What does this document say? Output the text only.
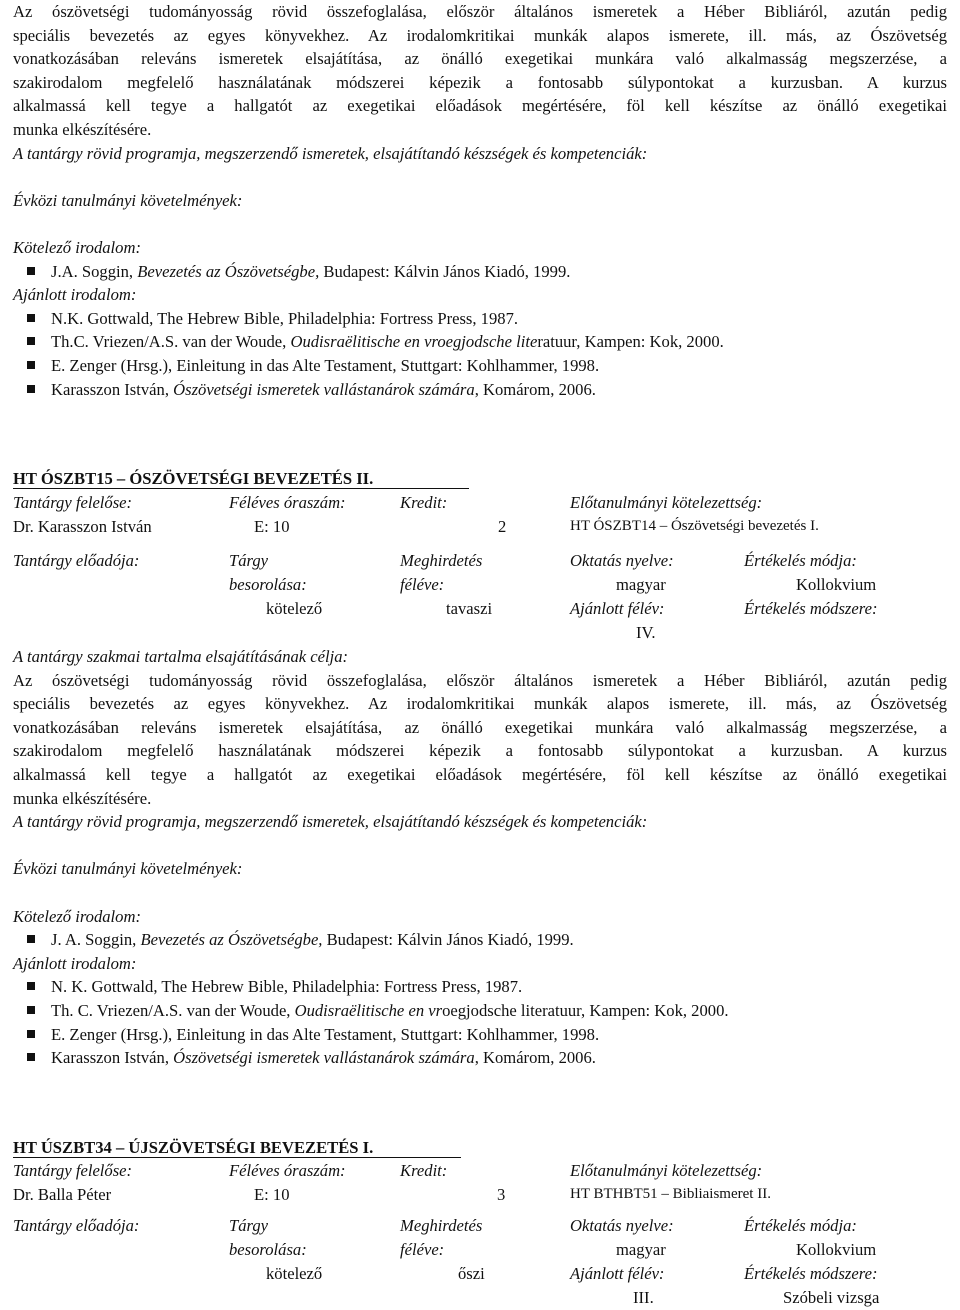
Az ószövetségi tudományosság rövid összefoglalása, először általános ismeretek a Héber Bibliáról, azután pedig
speciális bevezetés az egyes könyvekhez. Az irodalomkritikai munkák alapos ismerete, ill. más, az Ószövetség
vonatkozásában releváns ismeretek elsajátítása, az önálló exegetikai munkára való alkalmasság megszerzése, a
szakirodalom megfelelő használatának módszerei képezik a fontosabb súlypontokat a kurzusban. A kurzus
alkalmassá kell tegye a hallgatót az exegetikai előadások megértésére, föl kell készítse az önálló exegetikai
munka elkészítésére.

A tantárgy rövid programja, megszerzendő ismeretek, elsajátítandó készségek és kompetenciák:

Évközi tanulmányi követelmények:

Kötelező irodalom:

J.A. Soggin, Bevezetés az Ószövetségbe, Budapest: Kálvin János Kiadó, 1999.

Ajánlott irodalom:

N.K. Gottwald, The Hebrew Bible, Philadelphia: Fortress Press, 1987.
Th.C. Vriezen/A.S. van der Woude, Oudisraëlitische en vroegjodsche literatuur, Kampen: Kok, 2000.
E. Zenger (Hrsg.), Einleitung in das Alte Testament, Stuttgart: Kohlhammer, 1998.
Karasszon István, Ószövetségi ismeretek vallástanárok számára, Komárom, 2006.
HT ÓSZBT15 – ÓSZÖVETSÉGI BEVEZETÉS II.
Tantárgy felelőse:
Dr. Karasszon István
Féléves óraszám:
E: 10
Kredit:
2
Előtanulmányi kötelezettség:
HT ÓSZBT14 – Ószövetségi bevezetés I.
Tantárgy előadója:	Tárgy
besorolása:
kötelező
Meghirdetés
féléve:
tavaszi
Oktatás nyelve:
magyar
Ajánlott félév:
IV.
Értékelés módja:
Kollokvium
Értékelés módszere:

A tantárgy szakmai tartalma elsajátításának célja:

Az ószövetségi tudományosság rövid összefoglalása, először általános ismeretek a Héber Bibliáról, azután pedig
speciális bevezetés az egyes könyvekhez. Az irodalomkritikai munkák alapos ismerete, ill. más, az Ószövetség
vonatkozásában releváns ismeretek elsajátítása, az önálló exegetikai munkára való alkalmasság megszerzése, a
szakirodalom megfelelő használatának módszerei képezik a fontosabb súlypontokat a kurzusban. A kurzus
alkalmassá kell tegye a hallgatót az exegetikai előadások megértésére, föl kell készítse az önálló exegetikai
munka elkészítésére.

A tantárgy rövid programja, megszerzendő ismeretek, elsajátítandó készségek és kompetenciák:

Évközi tanulmányi követelmények:

Kötelező irodalom:

J. A. Soggin, Bevezetés az Ószövetségbe, Budapest: Kálvin János Kiadó, 1999.

Ajánlott irodalom:

N. K. Gottwald, The Hebrew Bible, Philadelphia: Fortress Press, 1987.
Th. C. Vriezen/A.S. van der Woude, Oudisraëlitische en vroegjodsche literatuur, Kampen: Kok, 2000.
E. Zenger (Hrsg.), Einleitung in das Alte Testament, Stuttgart: Kohlhammer, 1998.
Karasszon István, Ószövetségi ismeretek vallástanárok számára, Komárom, 2006.
HT ÚSZBT34 – ÚJSZÖVETSÉGI BEVEZETÉS I.
Tantárgy felelőse:
Dr. Balla Péter
Féléves óraszám:
E: 10
Kredit:
3
Előtanulmányi kötelezettség:
HT BTHBT51 – Bibliaismeret II.
Tantárgy előadója:	Tárgy
besorolása:
kötelező
Meghirdetés
féléve:
őszi
Oktatás nyelve:
magyar
Ajánlott félév:
III.
Értékelés módja:
Kollokvium
Értékelés módszere:
Szóbeli vizsga
